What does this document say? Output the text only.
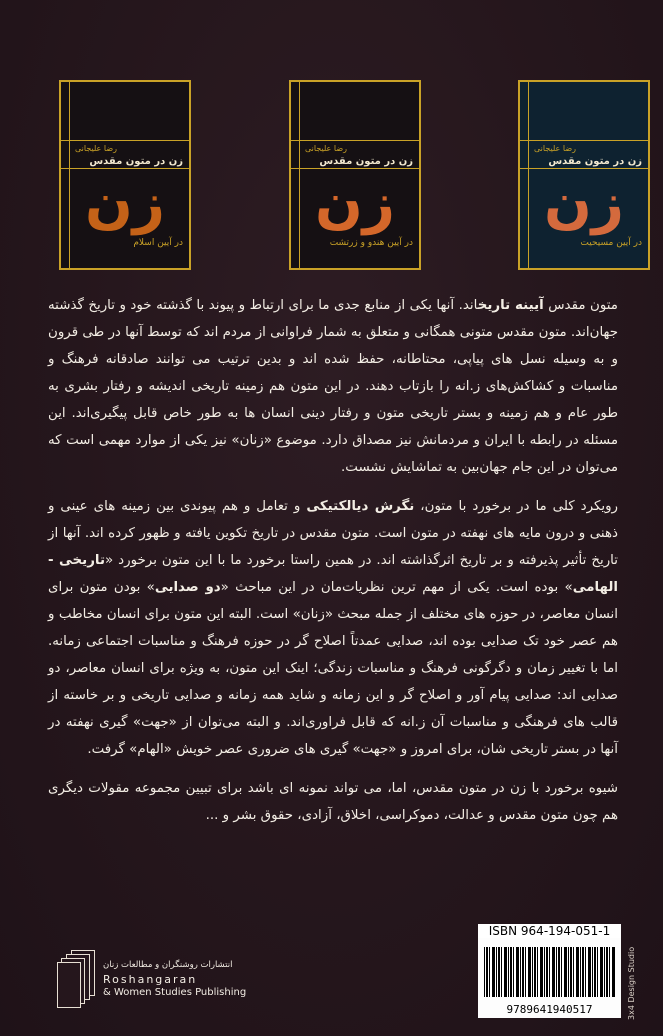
رضا علیجانی
زن در متون مقدس
زن
در آیین اسلام
رضا علیجانی
زن در متون مقدس
زن
در آیین هندو و زرتشت
رضا علیجانی
زن در متون مقدس
زن
در آیین مسیحیت

متون مقدس آیینه تاریخاند. آنها یکی از منابع جدی ما برای ارتباط و پیوند با گذشته خود و تاریخ گذشته جهان‌اند. متون مقدس متونی همگانی و متعلق به شمار فراوانی از مردم اند که توسط آنها در طی قرون و به وسیله نسل های پیاپی، محتاطانه، حفظ شده اند و بدین ترتیب می توانند صادقانه فرهنگ و مناسبات و کشاکش‌های ز.انه را بازتاب دهند. در این متون هم زمینه تاریخی اندیشه و رفتار بشری به طور عام و هم زمینه و بستر تاریخی متون و رفتار دینی انسان ها به طور خاص قابل پیگیری‌اند. این مسئله در رابطه با ایران و مردمانش نیز مصداق دارد. موضوع «زنان» نیز یکی از موارد مهمی است که می‌توان در این جام جهان‌بین به تماشایش نشست.

رویکرد کلی ما در برخورد با متون، نگرش دیالکتیکی و تعامل و هم پیوندی بین زمینه های عینی و ذهنی و درون مایه های نهفته در متون است. متون مقدس در تاریخ تکوین یافته و ظهور کرده اند. آنها از تاریخ تأثیر پذیرفته و بر تاریخ اثرگذاشته اند. در همین راستا برخورد ما با این متون برخورد «تاریخی - الهامی» بوده است. یکی از مهم ترین نظریات‌مان در این مباحث «دو صدایی» بودن متون برای انسان معاصر، در حوزه های مختلف از جمله مبحث «زنان» است. البته این متون برای انسان مخاطب و هم عصر خود تک صدایی بوده اند، صدایی عمدتاً اصلاح گر در حوزه فرهنگ و مناسبات اجتماعی زمانه. اما با تغییر زمان و دگرگونی فرهنگ و مناسبات زندگی؛ اینک این متون، به ویژه برای انسان معاصر، دو صدایی اند: صدایی پیام آور و اصلاح گر و این زمانه و شاید همه زمانه و صدایی تاریخی و بر خاسته از قالب های فرهنگی و مناسبات آن ز.انه که قابل فراوری‌اند. و البته می‌توان از «جهت» گیری نهفته در آنها در بستر تاریخی شان، برای امروز و «جهت» گیری های ضروری عصر خویش «الهام» گرفت.

شیوه برخورد با زن در متون مقدس، اما، می تواند نمونه ای باشد برای تبیین مجموعه مقولات دیگری هم چون متون مقدس و عدالت، دموکراسی، اخلاق، آزادی، حقوق بشر و ...

انتشارات روشنگران و مطالعات زنان
Roshangaran
& Women Studies Publishing
ISBN 964-194-051-1
9789641940517	3x4 Design Studio
